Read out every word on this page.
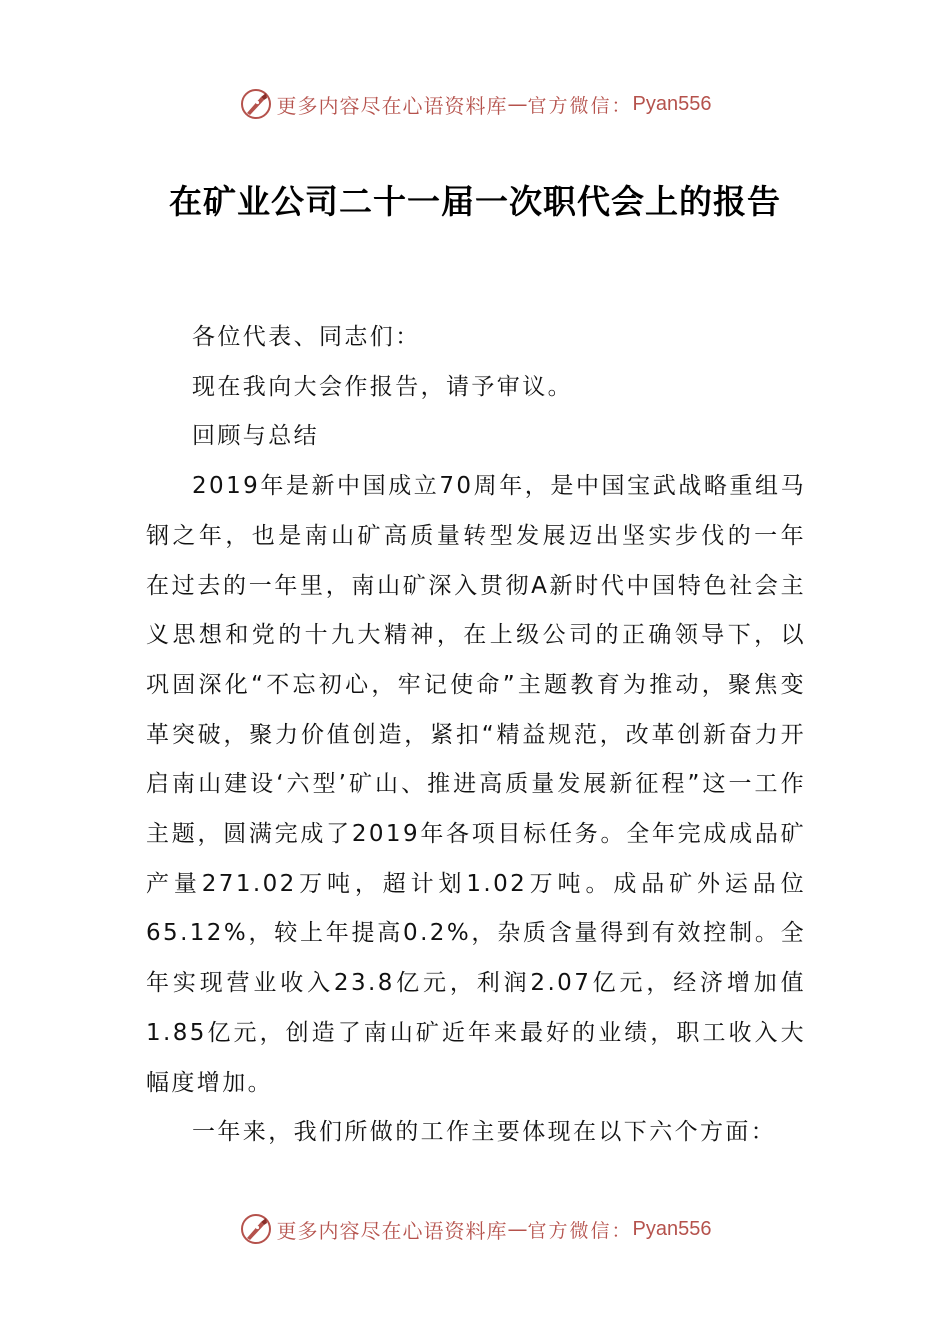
更多内容尽在心语资料库 — 官方微信： Pyan556
在矿业公司二十一届一次职代会上的报告

各位代表、同志们：

现在我向大会作报告，请予审议。

回顾与总结

2019年是新中国成立70周年，是中国宝武战略重组马钢之年，也是南山矿高质量转型发展迈出坚实步伐的一年在过去的一年里，南山矿深入贯彻A新时代中国特色社会主义思想和党的十九大精神，在上级公司的正确领导下，以巩固深化“不忘初心，牢记使命”主题教育为推动，聚焦变革突破，聚力价值创造，紧扣“精益规范，改革创新奋力开启南山建设‘六型’矿山、推进高质量发展新征程”这一工作主题，圆满完成了2019年各项目标任务。全年完成成品矿产量271.02万吨，超计划1.02万吨。成品矿外运品位65.12%，较上年提高0.2%，杂质含量得到有效控制。全年实现营业收入23.8亿元，利润2.07亿元，经济增加值1.85亿元，创造了南山矿近年来最好的业绩，职工收入大幅度增加。

一年来，我们所做的工作主要体现在以下六个方面：

更多内容尽在心语资料库 — 官方微信： Pyan556
